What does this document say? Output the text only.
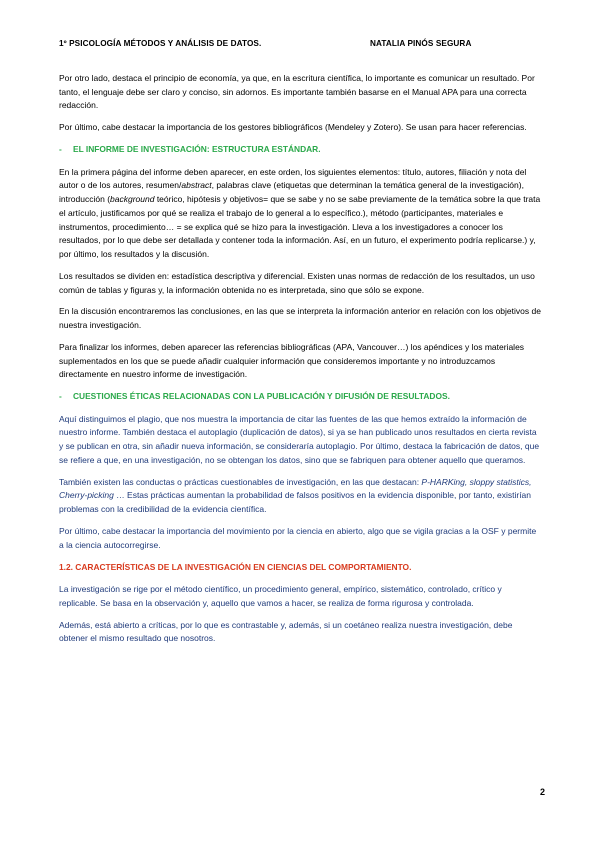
1º PSICOLOGÍA MÉTODOS Y ANÁLISIS DE DATOS.	NATALIA PINÓS SEGURA

Por otro lado, destaca el principio de economía, ya que, en la escritura científica, lo importante es comunicar un resultado. Por tanto, el lenguaje debe ser claro y conciso, sin adornos. Es importante también basarse en el Manual APA para una correcta redacción.

Por último, cabe destacar la importancia de los gestores bibliográficos (Mendeley y Zotero). Se usan para hacer referencias.

- EL INFORME DE INVESTIGACIÓN: ESTRUCTURA ESTÁNDAR.

En la primera página del informe deben aparecer, en este orden, los siguientes elementos: título, autores, filiación y nota del autor o de los autores, resumen/abstract, palabras clave (etiquetas que determinan la temática general de la investigación), introducción (background teórico, hipótesis y objetivos= que se sabe y no se sabe previamente de la temática sobre la que trata el artículo, justificamos por qué se realiza el trabajo de lo general a lo específico.), método (participantes, materiales e instrumentos, procedimiento… = se explica qué se hizo para la investigación. Lleva a los investigadores a conocer los resultados, por lo que debe ser detallada y contener toda la información. Así, en un futuro, el experimento podría replicarse.) y, por último, los resultados y la discusión.

Los resultados se dividen en: estadística descriptiva y diferencial. Existen unas normas de redacción de los resultados, un uso común de tablas y figuras y, la información obtenida no es interpretada, sino que sólo se expone.

En la discusión encontraremos las conclusiones, en las que se interpreta la información anterior en relación con los objetivos de nuestra investigación.

Para finalizar los informes, deben aparecer las referencias bibliográficas (APA, Vancouver…) los apéndices y los materiales suplementados en los que se puede añadir cualquier información que consideremos importante y no introduzcamos directamente en nuestro informe de investigación.

- CUESTIONES ÉTICAS RELACIONADAS CON LA PUBLICACIÓN Y DIFUSIÓN DE RESULTADOS.

Aquí distinguimos el plagio, que nos muestra la importancia de citar las fuentes de las que hemos extraído la información de nuestro informe. También destaca el autoplagio (duplicación de datos), si ya se han publicado unos resultados en cierta revista y se publican en otra, sin añadir nueva información, se consideraría autoplagio. Por último, destaca la fabricación de datos, que se refiere a que, en una investigación, no se obtengan los datos, sino que se fabriquen para obtener aquello que queramos.

También existen las conductas o prácticas cuestionables de investigación, en las que destacan: P-HARKing, sloppy statistics, Cherry-picking … Estas prácticas aumentan la probabilidad de falsos positivos en la evidencia disponible, por tanto, existirían problemas con la credibilidad de la evidencia científica.

Por último, cabe destacar la importancia del movimiento por la ciencia en abierto, algo que se vigila gracias a la OSF y permite a la ciencia autocorregirse.

1.2. CARACTERÍSTICAS DE LA INVESTIGACIÓN EN CIENCIAS DEL COMPORTAMIENTO.

La investigación se rige por el método científico, un procedimiento general, empírico, sistemático, controlado, crítico y replicable. Se basa en la observación y, aquello que vamos a hacer, se realiza de forma rigurosa y controlada.

Además, está abierto a críticas, por lo que es contrastable y, además, si un coetáneo realiza nuestra investigación, debe obtener el mismo resultado que nosotros.

2
